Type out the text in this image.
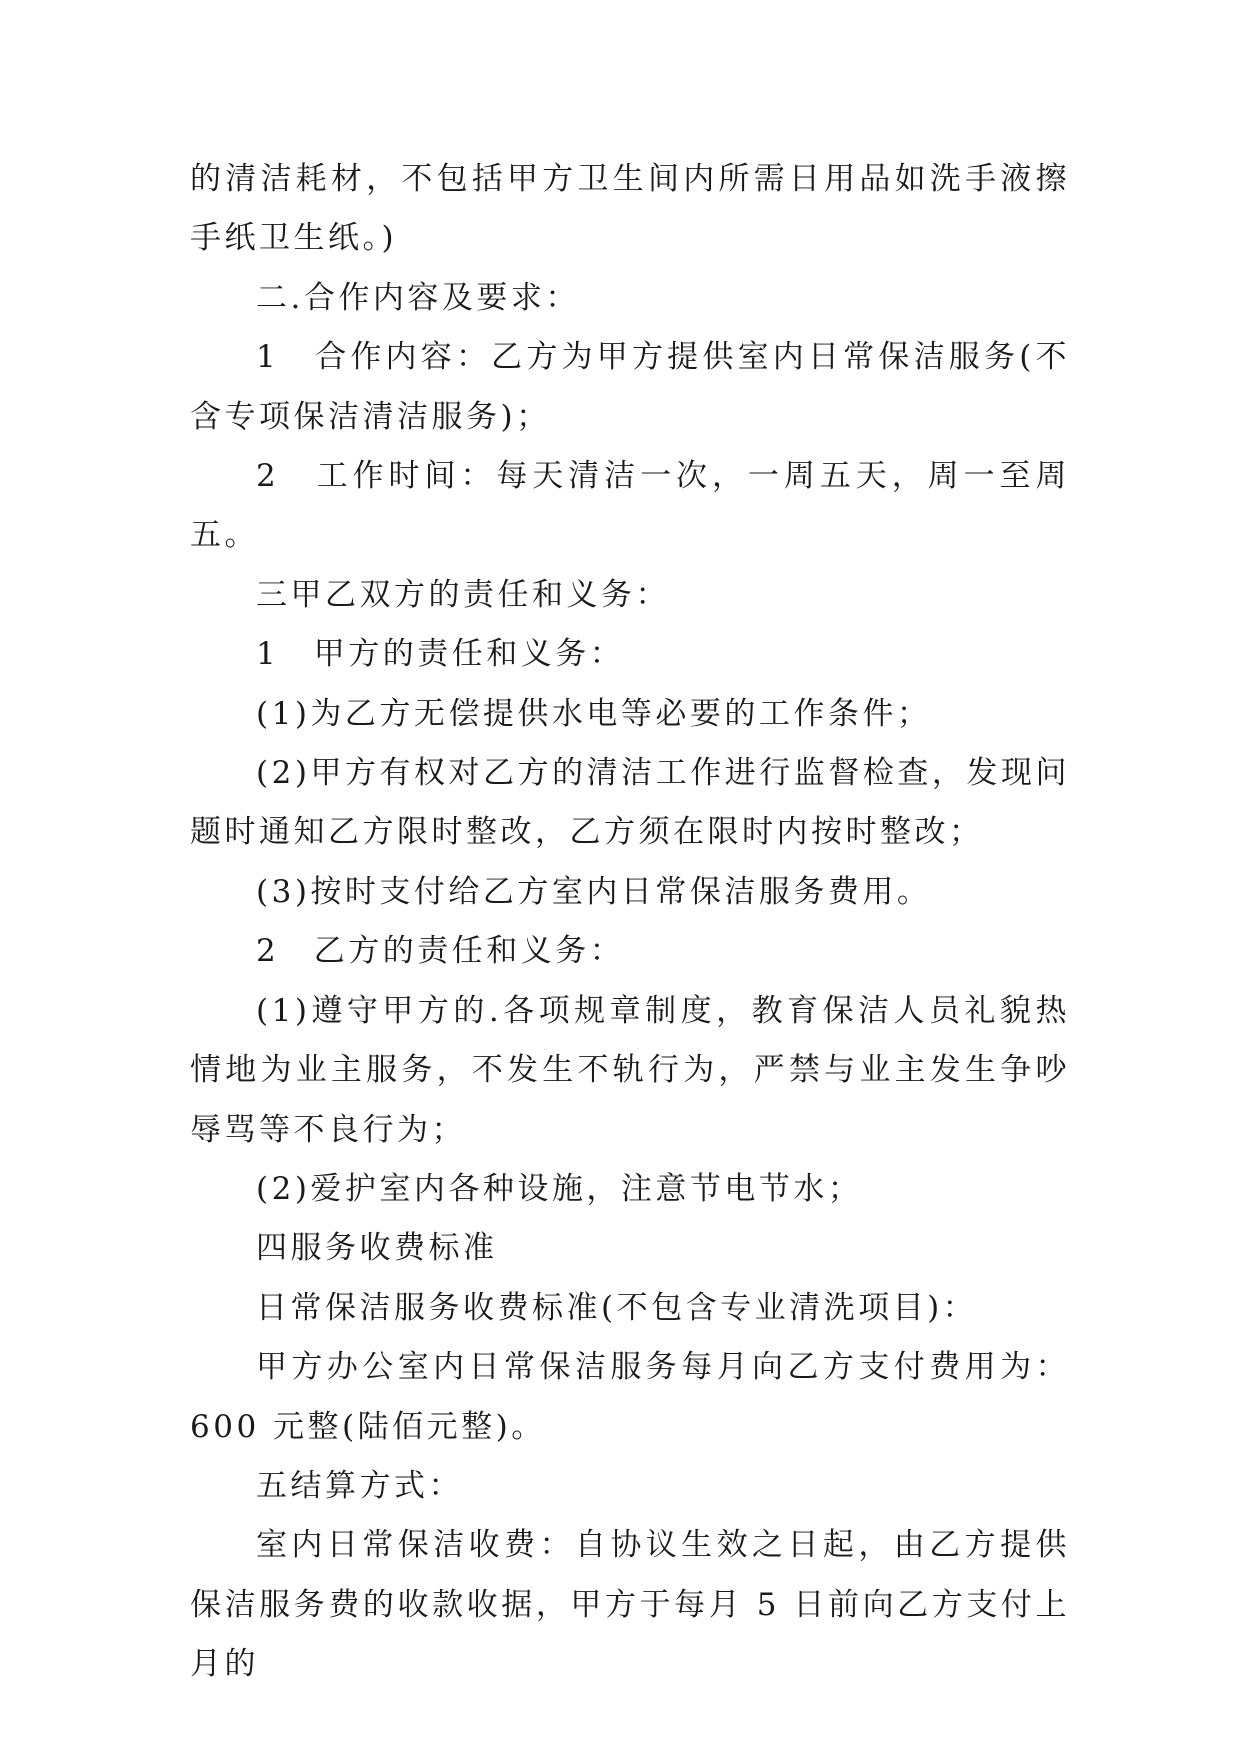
的清洁耗材，不包括甲方卫生间内所需日用品如洗手液擦手纸卫生纸。)

二.合作内容及要求：

1　合作内容：乙方为甲方提供室内日常保洁服务(不含专项保洁清洁服务)；

2　工作时间：每天清洁一次，一周五天，周一至周五。

三甲乙双方的责任和义务：

1　甲方的责任和义务：

(1)为乙方无偿提供水电等必要的工作条件；

(2)甲方有权对乙方的清洁工作进行监督检查，发现问题时通知乙方限时整改，乙方须在限时内按时整改；

(3)按时支付给乙方室内日常保洁服务费用。

2　乙方的责任和义务：

(1)遵守甲方的.各项规章制度，教育保洁人员礼貌热情地为业主服务，不发生不轨行为，严禁与业主发生争吵辱骂等不良行为；

(2)爱护室内各种设施，注意节电节水；

四服务收费标准

日常保洁服务收费标准(不包含专业清洗项目)：

甲方办公室内日常保洁服务每月向乙方支付费用为：600 元整(陆佰元整)。

五结算方式：

室内日常保洁收费：自协议生效之日起，由乙方提供保洁服务费的收款收据，甲方于每月 5 日前向乙方支付上月的
